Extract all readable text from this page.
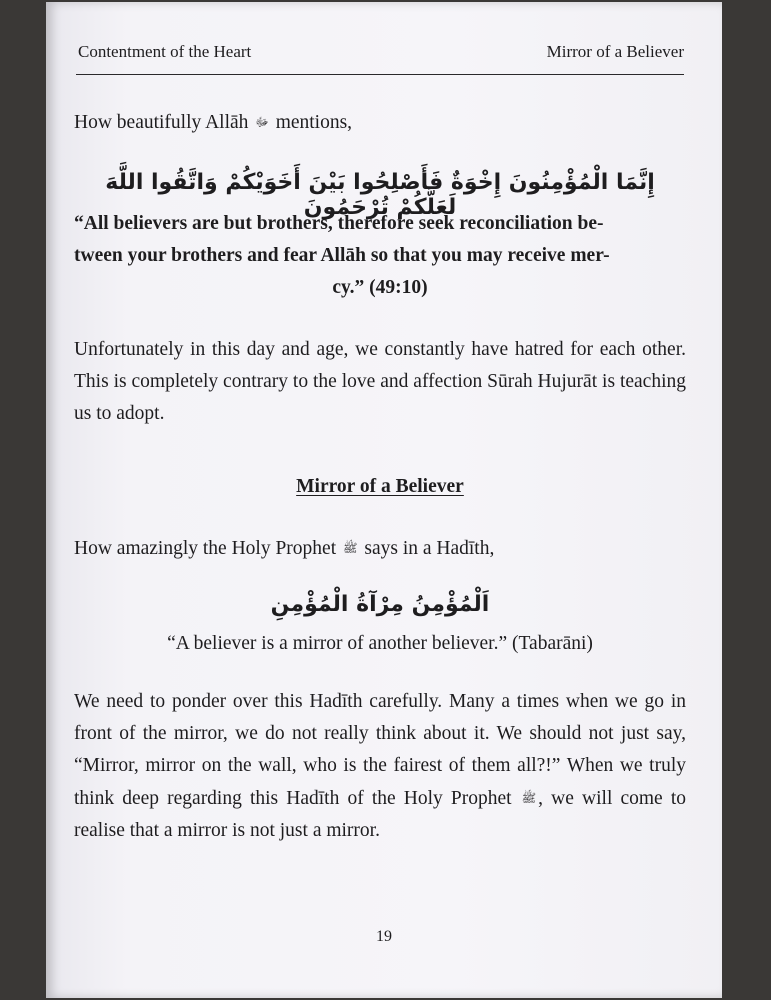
Contentment of the Heart	Mirror of a Believer
How beautifully Allāh ﷻ mentions,
إِنَّمَا الْمُؤْمِنُونَ إِخْوَةٌ فَأَصْلِحُوا بَيْنَ أَخَوَيْكُمْ وَاتَّقُوا اللَّهَ لَعَلَّكُمْ تُرْحَمُونَ
“All believers are but brothers, therefore seek reconciliation be-
tween your brothers and fear Allāh so that you may receive mer-
cy.” (49:10)
Unfortunately in this day and age, we constantly have hatred for each other. This is completely contrary to the love and affection Sūrah Hujurāt is teaching us to adopt.
Mirror of a Believer
How amazingly the Holy Prophet ﷺ says in a Hadīth,
اَلْمُؤْمِنُ مِرْآةُ الْمُؤْمِنِ
“A believer is a mirror of another believer.” (Tabarāni)
We need to ponder over this Hadīth carefully. Many a times when we go in front of the mirror, we do not really think about it. We should not just say, “Mirror, mirror on the wall, who is the fairest of them all?!” When we truly think deep regarding this Hadīth of the Holy Prophet ﷺ , we will come to realise that a mirror is not just a mirror.
19
